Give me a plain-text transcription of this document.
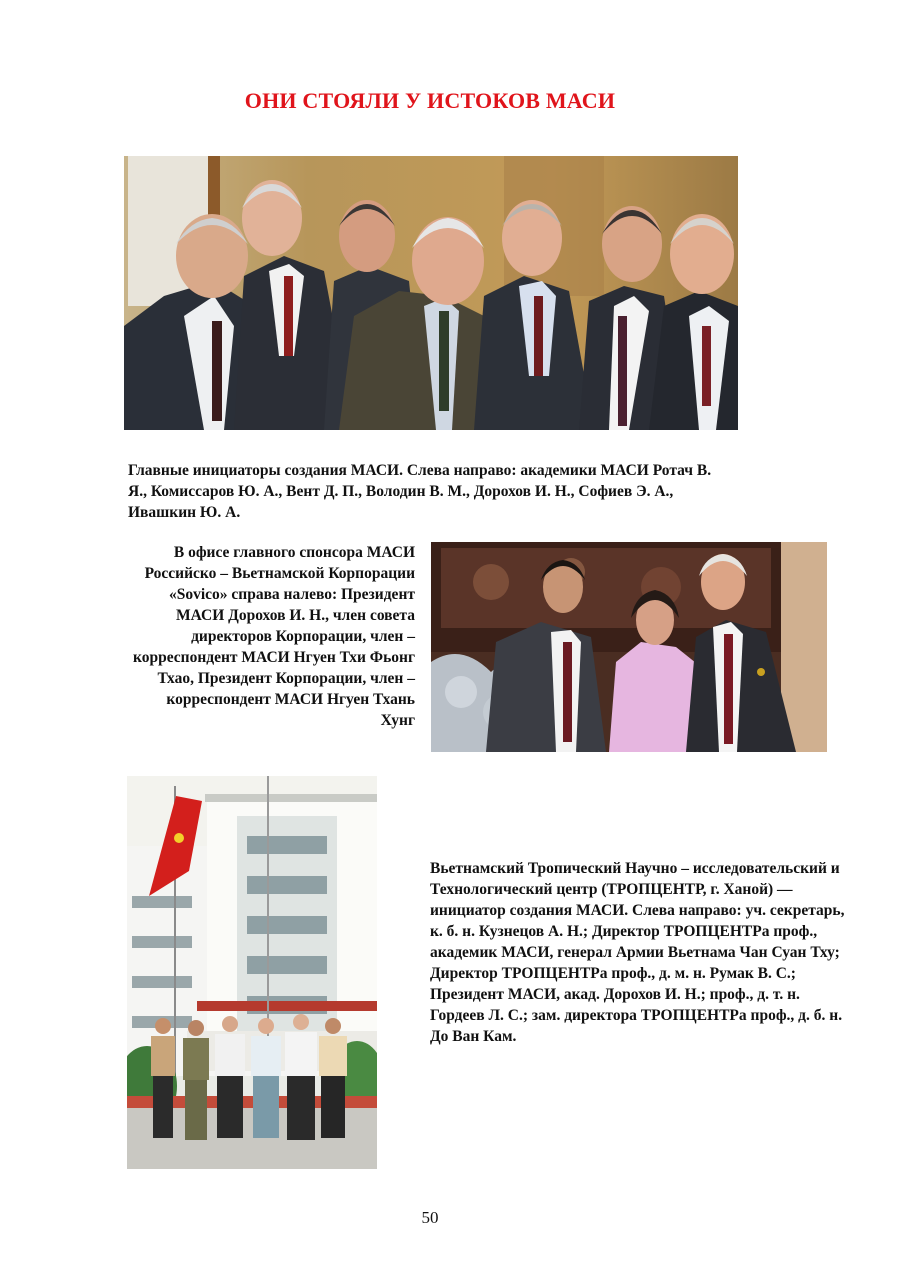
ОНИ СТОЯЛИ У ИСТОКОВ МАСИ
Главные инициаторы создания МАСИ. Слева направо: академики МАСИ Ротач В. Я., Комиссаров Ю. А., Вент Д. П., Володин В. М., Дорохов И. Н., Софиев Э. А., Ивашкин Ю. А.
В офисе главного спонсора МАСИ Российско – Вьетнамской Корпорации «Sovico» справа налево: Президент МАСИ Дорохов И. Н., член совета директоров Корпорации, член – корреспондент МАСИ Нгуен Тхи Фьонг Тхао, Президент Корпорации, член – корреспондент МАСИ Нгуен Тхань Хунг
Вьетнамский Тропический Научно – исследовательский и Технологический центр (ТРОПЦЕНТР, г. Ханой) — инициатор создания МАСИ. Слева направо: уч. секретарь, к. б. н. Кузнецов А. Н.; Директор ТРОПЦЕНТРа проф., академик МАСИ, генерал Армии Вьетнама Чан Суан Тху; Директор ТРОПЦЕНТРа проф., д. м. н. Румак В. С.; Президент МАСИ, акад. Дорохов И. Н.; проф., д. т. н. Гордеев Л. С.; зам. директора ТРОПЦЕНТРа проф., д. б. н. До Ван Кам.
50
